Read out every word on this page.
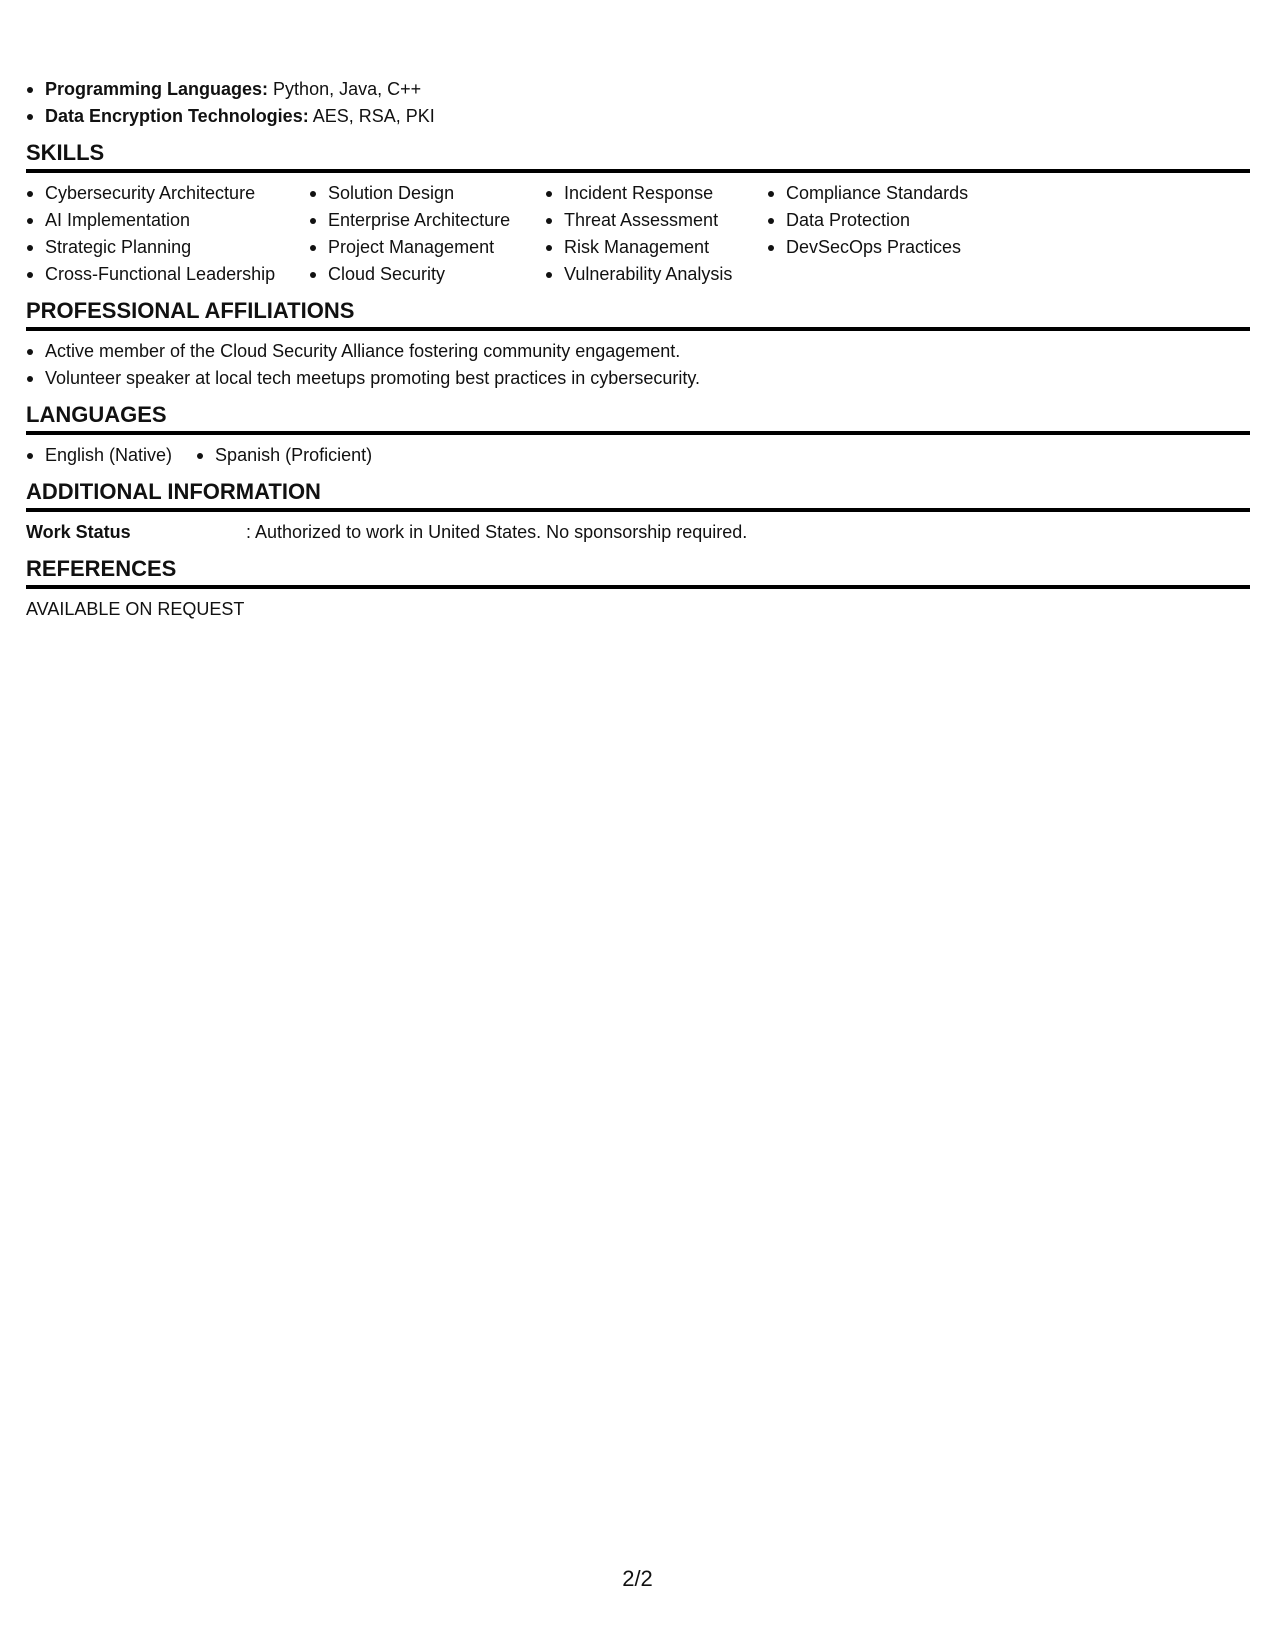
Programming Languages: Python, Java, C++
Data Encryption Technologies: AES, RSA, PKI
SKILLS
Cybersecurity Architecture
AI Implementation
Strategic Planning
Cross-Functional Leadership
Solution Design
Enterprise Architecture
Project Management
Cloud Security
Incident Response
Threat Assessment
Risk Management
Vulnerability Analysis
Compliance Standards
Data Protection
DevSecOps Practices
PROFESSIONAL AFFILIATIONS
Active member of the Cloud Security Alliance fostering community engagement.
Volunteer speaker at local tech meetups promoting best practices in cybersecurity.
LANGUAGES
English (Native)	Spanish (Proficient)
ADDITIONAL INFORMATION
Work Status	: Authorized to work in United States. No sponsorship required.
REFERENCES
AVAILABLE ON REQUEST
2/2
